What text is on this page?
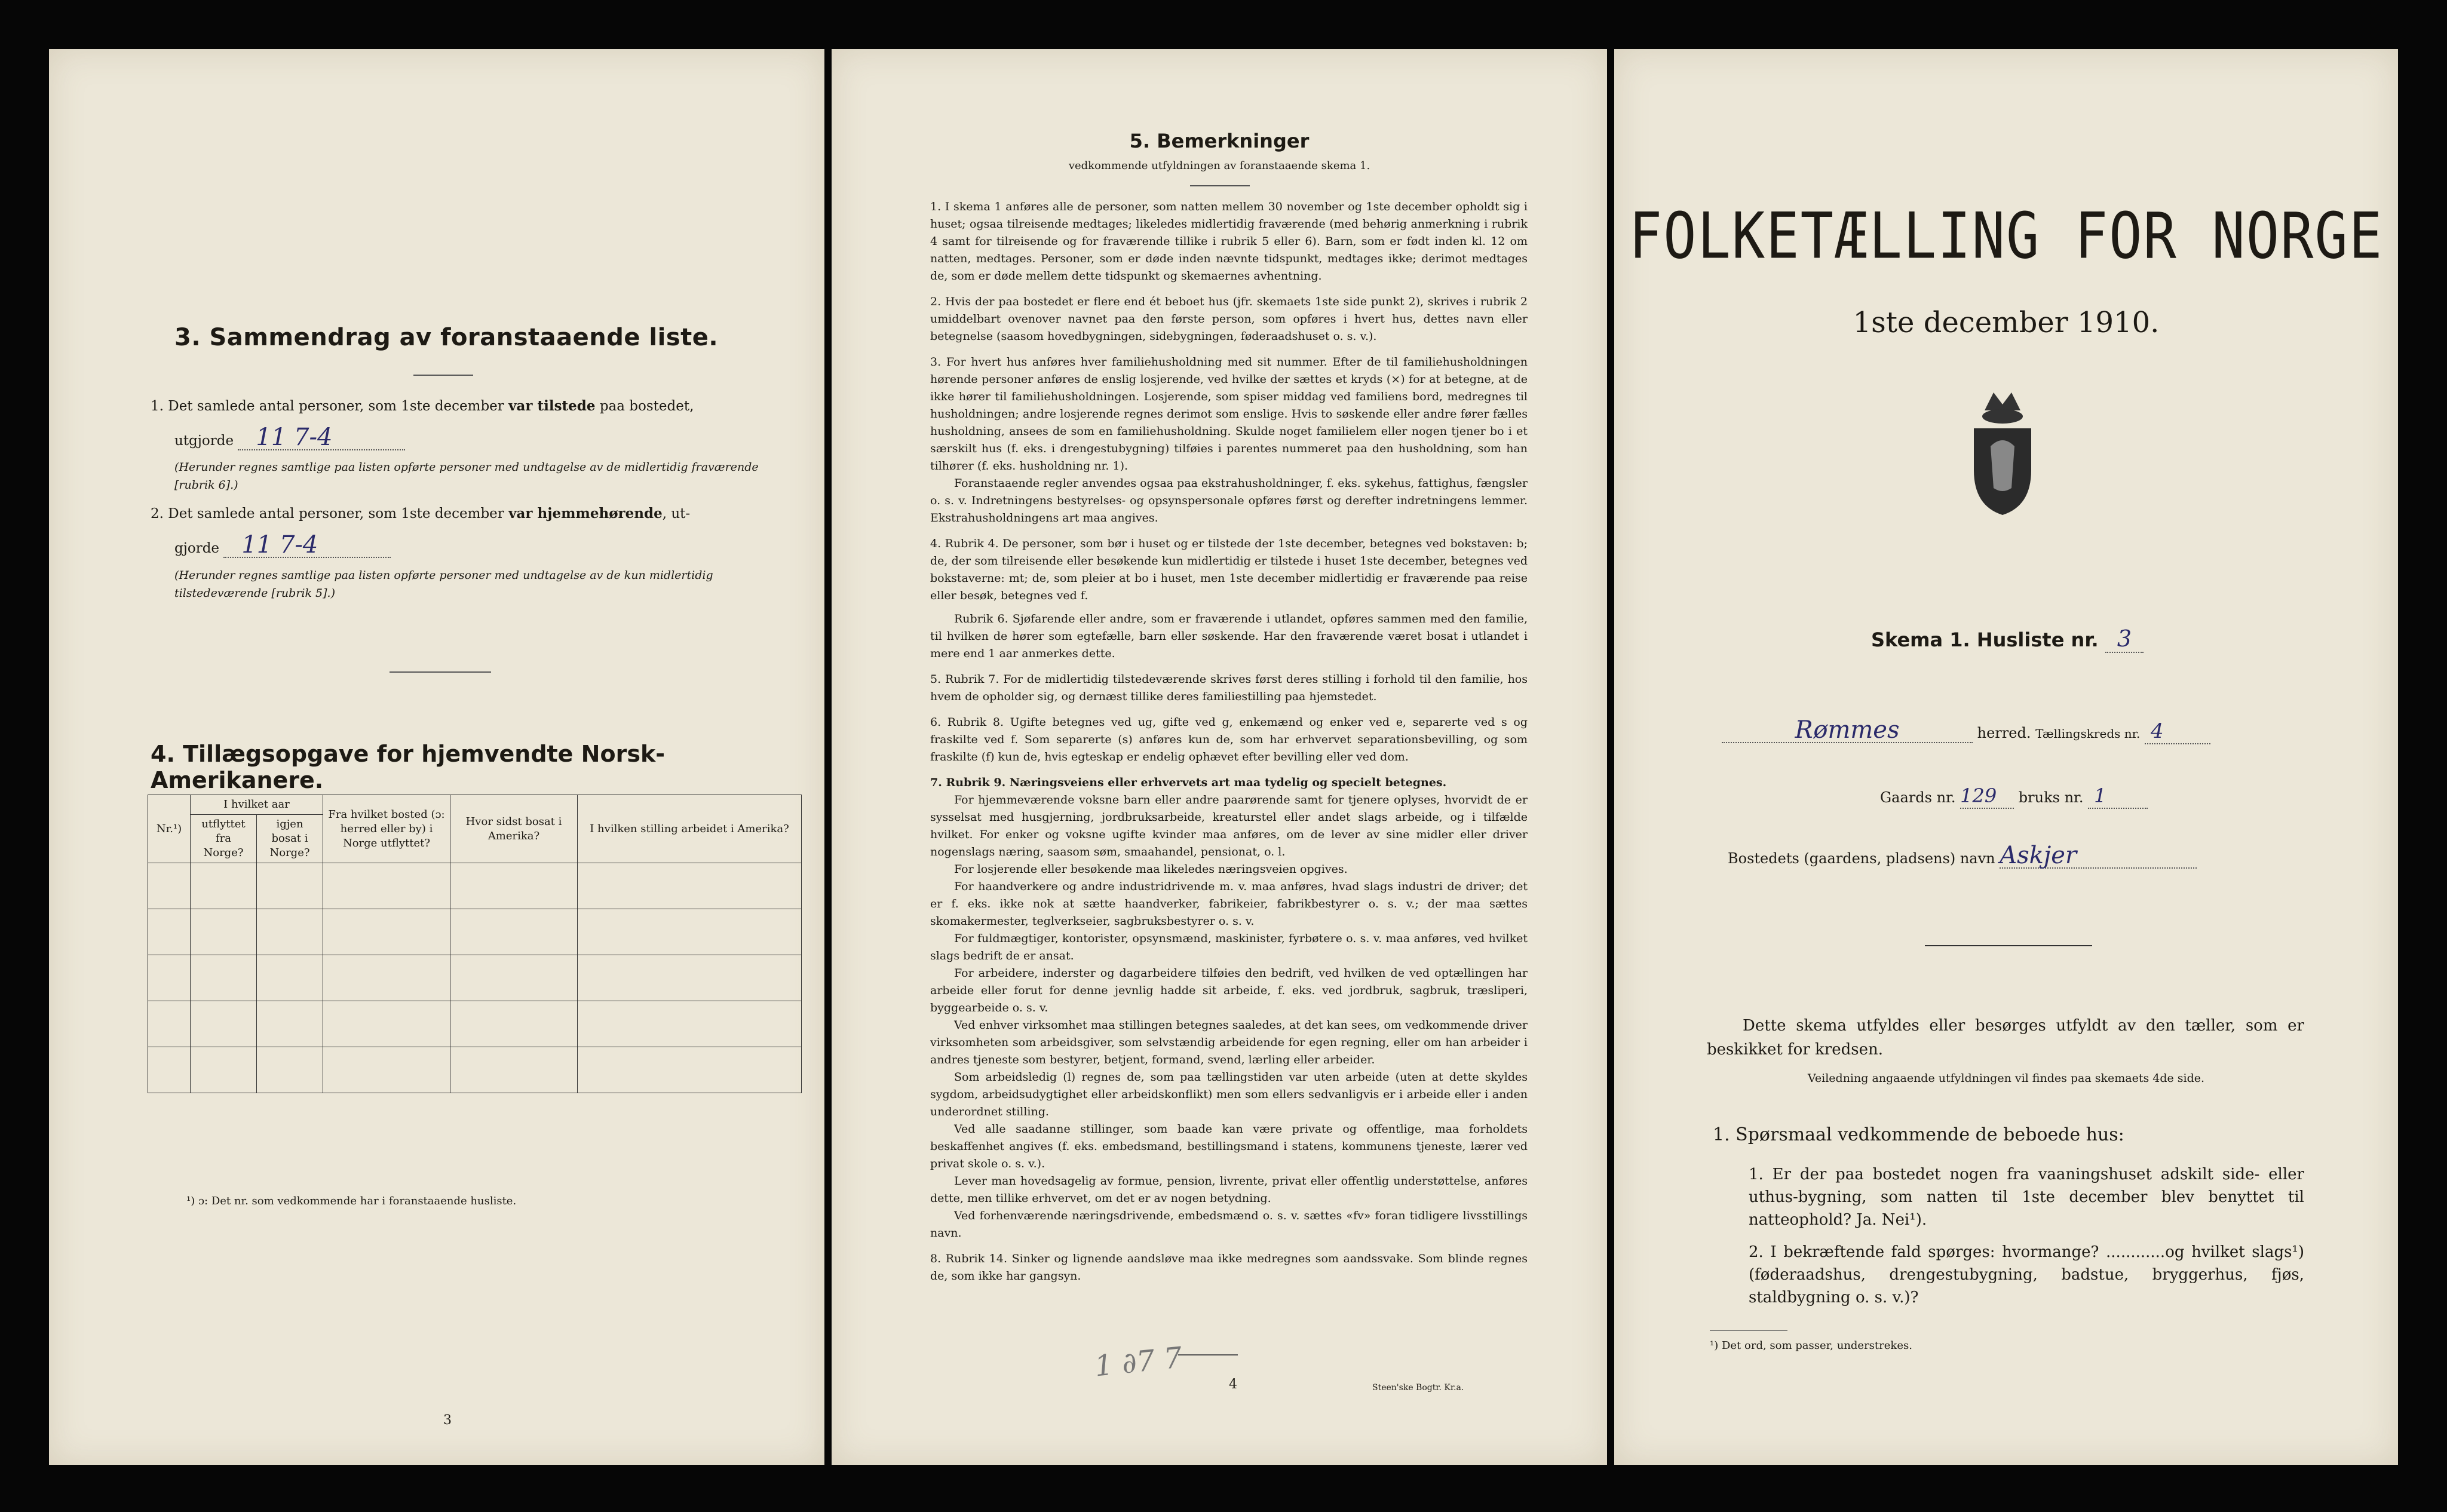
3. Sammendrag av foranstaaende liste.
1. Det samlede antal personer, som 1ste december var tilstede paa bostedet,
utgjorde 11 7-4
(Herunder regnes samtlige paa listen opførte personer med undtagelse av de midlertidig fraværende [rubrik 6].)
2. Det samlede antal personer, som 1ste december var hjemmehørende, ut-
gjorde 11 7-4
(Herunder regnes samtlige paa listen opførte personer med undtagelse av de kun midlertidig tilstedeværende [rubrik 5].)
4. Tillægsopgave for hjemvendte Norsk-Amerikanere.
Nr.¹)	I hvilket aar		Fra hvilket bosted (ɔ: herred eller by) i Norge utflyttet?	Hvor sidst bosat i Amerika?	I hvilken stilling arbeidet i Amerika?
	utflyttet fra Norge?	igjen bosat i Norge?			

¹) ɔ: Det nr. som vedkommende har i foranstaaende husliste.
3
5. Bemerkninger
vedkommende utfyldningen av foranstaaende skema 1.
1. I skema 1 anføres alle de personer, som natten mellem 30 november og 1ste december opholdt sig i huset; ogsaa tilreisende medtages; likeledes midlertidig fraværende (med behørig anmerkning i rubrik 4 samt for tilreisende og for fraværende tillike i rubrik 5 eller 6). Barn, som er født inden kl. 12 om natten, medtages. Personer, som er døde inden nævnte tidspunkt, medtages ikke; derimot medtages de, som er døde mellem dette tidspunkt og skemaernes avhentning.
2. Hvis der paa bostedet er flere end ét beboet hus (jfr. skemaets 1ste side punkt 2), skrives i rubrik 2 umiddelbart ovenover navnet paa den første person, som opføres i hvert hus, dettes navn eller betegnelse (saasom hovedbygningen, sidebygningen, føderaadshuset o. s. v.).
3. For hvert hus anføres hver familiehusholdning med sit nummer. Efter de til familiehusholdningen hørende personer anføres de enslig losjerende, ved hvilke der sættes et kryds (×) for at betegne, at de ikke hører til familiehusholdningen. Losjerende, som spiser middag ved familiens bord, medregnes til husholdningen; andre losjerende regnes derimot som enslige. Hvis to søskende eller andre fører fælles husholdning, ansees de som en familiehusholdning. Skulde noget familielem eller nogen tjener bo i et særskilt hus (f. eks. i drengestubygning) tilføies i parentes nummeret paa den husholdning, som han tilhører (f. eks. husholdning nr. 1).
Foranstaaende regler anvendes ogsaa paa ekstrahusholdninger, f. eks. sykehus, fattighus, fængsler o. s. v. Indretningens bestyrelses- og opsynspersonale opføres først og derefter indretningens lemmer. Ekstrahusholdningens art maa angives.
4. Rubrik 4. De personer, som bør i huset og er tilstede der 1ste december, betegnes ved bokstaven: b; de, der som tilreisende eller besøkende kun midlertidig er tilstede i huset 1ste december, betegnes ved bokstaverne: mt; de, som pleier at bo i huset, men 1ste december midlertidig er fraværende paa reise eller besøk, betegnes ved f.
Rubrik 6. Sjøfarende eller andre, som er fraværende i utlandet, opføres sammen med den familie, til hvilken de hører som egtefælle, barn eller søskende. Har den fraværende været bosat i utlandet i mere end 1 aar anmerkes dette.
5. Rubrik 7. For de midlertidig tilstedeværende skrives først deres stilling i forhold til den familie, hos hvem de opholder sig, og dernæst tillike deres familiestilling paa hjemstedet.
6. Rubrik 8. Ugifte betegnes ved ug, gifte ved g, enkemænd og enker ved e, separerte ved s og fraskilte ved f. Som separerte (s) anføres kun de, som har erhvervet separationsbevilling, og som fraskilte (f) kun de, hvis egteskap er endelig ophævet efter bevilling eller ved dom.
7. Rubrik 9. Næringsveiens eller erhvervets art maa tydelig og specielt betegnes.
For hjemmeværende voksne barn eller andre paarørende samt for tjenere oplyses, hvorvidt de er sysselsat med husgjerning, jordbruksarbeide, kreaturstel eller andet slags arbeide, og i tilfælde hvilket. For enker og voksne ugifte kvinder maa anføres, om de lever av sine midler eller driver nogenslags næring, saasom søm, smaahandel, pensionat, o. l.
For losjerende eller besøkende maa likeledes næringsveien opgives.
For haandverkere og andre industridrivende m. v. maa anføres, hvad slags industri de driver; det er f. eks. ikke nok at sætte haandverker, fabrikeier, fabrikbestyrer o. s. v.; der maa sættes skomakermester, teglverkseier, sagbruksbestyrer o. s. v.
For fuldmægtiger, kontorister, opsynsmænd, maskinister, fyrbøtere o. s. v. maa anføres, ved hvilket slags bedrift de er ansat.
For arbeidere, inderster og dagarbeidere tilføies den bedrift, ved hvilken de ved optællingen har arbeide eller forut for denne jevnlig hadde sit arbeide, f. eks. ved jordbruk, sagbruk, træsliperi, byggearbeide o. s. v.
Ved enhver virksomhet maa stillingen betegnes saaledes, at det kan sees, om vedkommende driver virksomheten som arbeidsgiver, som selvstændig arbeidende for egen regning, eller om han arbeider i andres tjeneste som bestyrer, betjent, formand, svend, lærling eller arbeider.
Som arbeidsledig (l) regnes de, som paa tællingstiden var uten arbeide (uten at dette skyldes sygdom, arbeidsudygtighet eller arbeidskonflikt) men som ellers sedvanligvis er i arbeide eller i anden underordnet stilling.
Ved alle saadanne stillinger, som baade kan være private og offentlige, maa forholdets beskaffenhet angives (f. eks. embedsmand, bestillingsmand i statens, kommunens tjeneste, lærer ved privat skole o. s. v.).
Lever man hovedsagelig av formue, pension, livrente, privat eller offentlig understøttelse, anføres dette, men tillike erhvervet, om det er av nogen betydning.
Ved forhenværende næringsdrivende, embedsmænd o. s. v. sættes «fv» foran tidligere livsstillings navn.
8. Rubrik 14. Sinker og lignende aandsløve maa ikke medregnes som aandssvake. Som blinde regnes de, som ikke har gangsyn.
1 ∂7 7
4	Steen'ske Bogtr. Kr.a.
FOLKETÆLLING FOR NORGE
1ste december 1910.
Skema 1. Husliste nr. 3
Rømmes	herred. Tællingskreds nr. 4
Gaards nr. 129 bruks nr. 1
Bostedets (gaardens, pladsens) navn Askjer
Dette skema utfyldes eller besørges utfyldt av den tæller, som er beskikket for kredsen.
Veiledning angaaende utfyldningen vil findes paa skemaets 4de side.
1. Spørsmaal vedkommende de beboede hus:
1. Er der paa bostedet nogen fra vaaningshuset adskilt side- eller uthus-bygning, som natten til 1ste december blev benyttet til natteophold? Ja. Nei¹).
2. I bekræftende fald spørges: hvormange? ............og hvilket slags¹) (føderaadshus, drengestubygning, badstue, bryggerhus, fjøs, staldbygning o. s. v.)?
¹) Det ord, som passer, understrekes.
